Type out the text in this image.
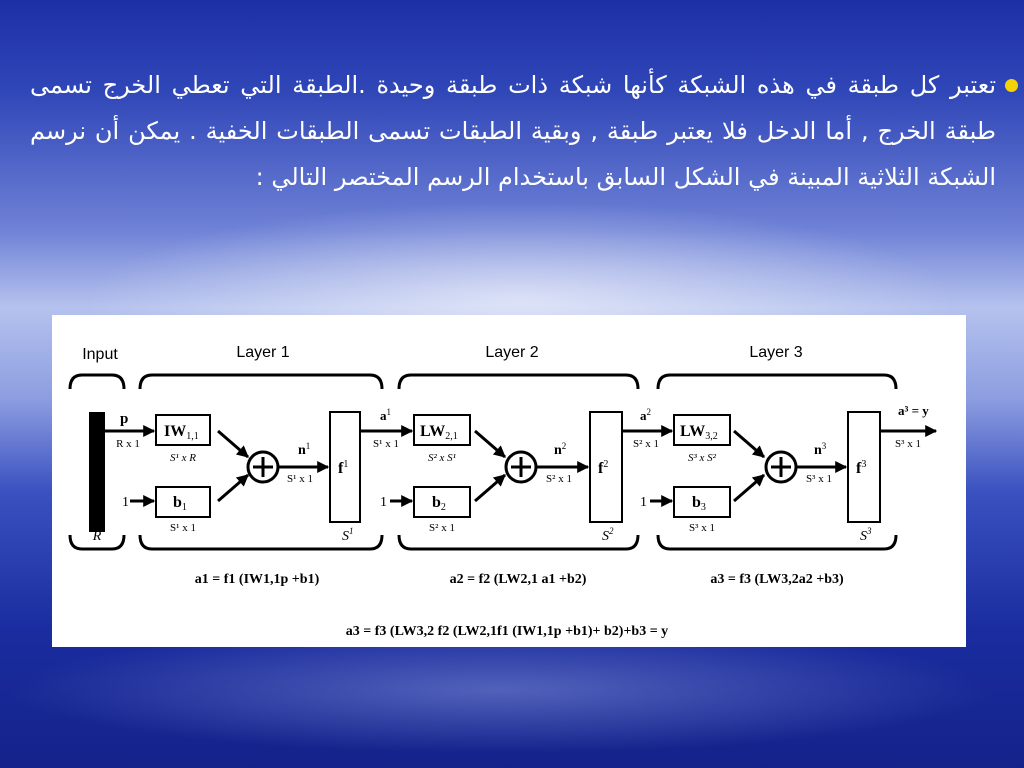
تعتبر كل طبقة في هذه الشبكة كأنها شبكة ذات طبقة وحيدة .الطبقة التي تعطي الخرج تسمى طبقة الخرج , أما الدخل فلا يعتبر طبقة , وبقية الطبقات تسمى الطبقات الخفية . يمكن أن نرسم الشبكة الثلاثية المبينة في الشكل السابق باستخدام الرسم المختصر التالي :
Input	Layer 1	Layer 2	Layer 3
R
IW1,1
S¹ x R
b1
S¹ x 1
$n^1$
S¹ x 1
$f^1$
$S^1$
$a^1$
S¹ x 1
p
R x 1
1
LW2,1
S² x S¹
b2
S² x 1
$n^2$
S² x 1
$f^2$
$S^2$
$a^2$
S² x 1
1
LW3,2
S³ x S²
b3
S³ x 1
$n^3$
S³ x 1
$f^3$
$S^3$
a³ = y
S³ x 1
1
a1 = f1 (IW1,1p +b1)	a2 = f2 (LW2,1 a1 +b2)	a3 = f3 (LW3,2a2 +b3)
a3 = f3 (LW3,2 f2 (LW2,1f1 (IW1,1p +b1)+ b2)+b3 = y
